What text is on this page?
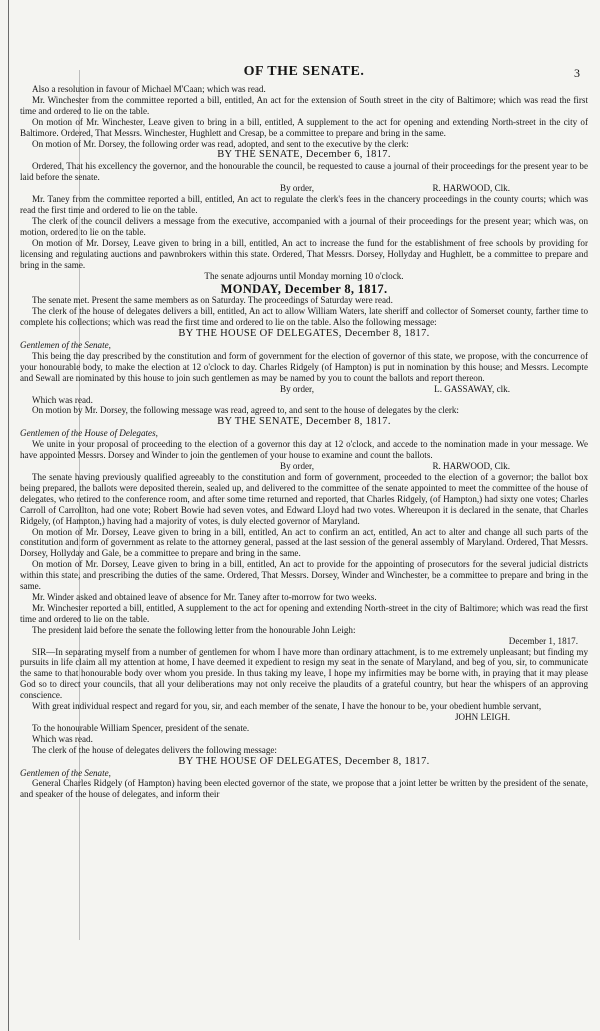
OF THE SENATE.	3

Also a resolution in favour of Michael M'Caan; which was read.

Mr. Winchester from the committee reported a bill, entitled, An act for the extension of South street in the city of Baltimore; which was read the first time and ordered to lie on the table.

On motion of Mr. Winchester, Leave given to bring in a bill, entitled, A supplement to the act for opening and extending North-street in the city of Baltimore. Ordered, That Messrs. Winchester, Hughlett and Cresap, be a committee to prepare and bring in the same.

On motion of Mr. Dorsey, the following order was read, adopted, and sent to the executive by the clerk:

BY THE SENATE, December 6, 1817.

Ordered, That his excellency the governor, and the honourable the council, be requested to cause a journal of their proceedings for the present year to be laid before the senate.

By order,	R. HARWOOD, Clk.

Mr. Taney from the committee reported a bill, entitled, An act to regulate the clerk's fees in the chancery proceedings in the county courts; which was read the first time and ordered to lie on the table.

The clerk of the council delivers a message from the executive, accompanied with a journal of their proceedings for the present year; which was, on motion, ordered to lie on the table.

On motion of Mr. Dorsey, Leave given to bring in a bill, entitled, An act to increase the fund for the establishment of free schools by providing for licensing and regulating auctions and pawnbrokers within this state. Ordered, That Messrs. Dorsey, Hollyday and Hughlett, be a committee to prepare and bring in the same.

The senate adjourns until Monday morning 10 o'clock.

MONDAY, December 8, 1817.

The senate met. Present the same members as on Saturday. The proceedings of Saturday were read.

The clerk of the house of delegates delivers a bill, entitled, An act to allow William Waters, late sheriff and collector of Somerset county, farther time to complete his collections; which was read the first time and ordered to lie on the table. Also the following message:

BY THE HOUSE OF DELEGATES, December 8, 1817.

Gentlemen of the Senate,

This being the day prescribed by the constitution and form of government for the election of governor of this state, we propose, with the concurrence of your honourable body, to make the election at 12 o'clock to day. Charles Ridgely (of Hampton) is put in nomination by this house; and Messrs. Lecompte and Sewall are nominated by this house to join such gentlemen as may be named by you to count the ballots and report thereon.

By order,	L. GASSAWAY, clk.

Which was read.

On motion by Mr. Dorsey, the following message was read, agreed to, and sent to the house of delegates by the clerk:

BY THE SENATE, December 8, 1817.

Gentlemen of the House of Delegates,

We unite in your proposal of proceeding to the election of a governor this day at 12 o'clock, and accede to the nomination made in your message. We have appointed Messrs. Dorsey and Winder to join the gentlemen of your house to examine and count the ballots.

By order,	R. HARWOOD, Clk.

The senate having previously qualified agreeably to the constitution and form of government, proceeded to the election of a governor; the ballot box being prepared, the ballots were deposited therein, sealed up, and delivered to the committee of the senate appointed to meet the committee of the house of delegates, who retired to the conference room, and after some time returned and reported, that Charles Ridgely, (of Hampton,) had sixty one votes; Charles Carroll of Carrollton, had one vote; Robert Bowie had seven votes, and Edward Lloyd had two votes. Whereupon it is declared in the senate, that Charles Ridgely, (of Hampton,) having had a majority of votes, is duly elected governor of Maryland.

On motion of Mr. Dorsey, Leave given to bring in a bill, entitled, An act to confirm an act, entitled, An act to alter and change all such parts of the constitution and form of government as relate to the attorney general, passed at the last session of the general assembly of Maryland. Ordered, That Messrs. Dorsey, Hollyday and Gale, be a committee to prepare and bring in the same.

On motion of Mr. Dorsey, Leave given to bring in a bill, entitled, An act to provide for the appointing of prosecutors for the several judicial districts within this state, and prescribing the duties of the same. Ordered, That Messrs. Dorsey, Winder and Winchester, be a committee to prepare and bring in the same.

Mr. Winder asked and obtained leave of absence for Mr. Taney after to-morrow for two weeks.

Mr. Winchester reported a bill, entitled, A supplement to the act for opening and extending North-street in the city of Baltimore; which was read the first time and ordered to lie on the table.

The president laid before the senate the following letter from the honourable John Leigh:

December 1, 1817.

SIR—In separating myself from a number of gentlemen for whom I have more than ordinary attachment, is to me extremely unpleasant; but finding my pursuits in life claim all my attention at home, I have deemed it expedient to resign my seat in the senate of Maryland, and beg of you, sir, to communicate the same to that honourable body over whom you preside. In thus taking my leave, I hope my infirmities may be borne with, in praying that it may please God so to direct your councils, that all your deliberations may not only receive the plaudits of a grateful country, but hear the whispers of an approving conscience.

With great individual respect and regard for you, sir, and each member of the senate, I have the honour to be, your obedient humble servant,

JOHN LEIGH.

To the honourable William Spencer, president of the senate.

Which was read.

The clerk of the house of delegates delivers the following message:

BY THE HOUSE OF DELEGATES, December 8, 1817.

Gentlemen of the Senate,

General Charles Ridgely (of Hampton) having been elected governor of the state, we propose that a joint letter be written by the president of the senate, and speaker of the house of delegates, and inform their
